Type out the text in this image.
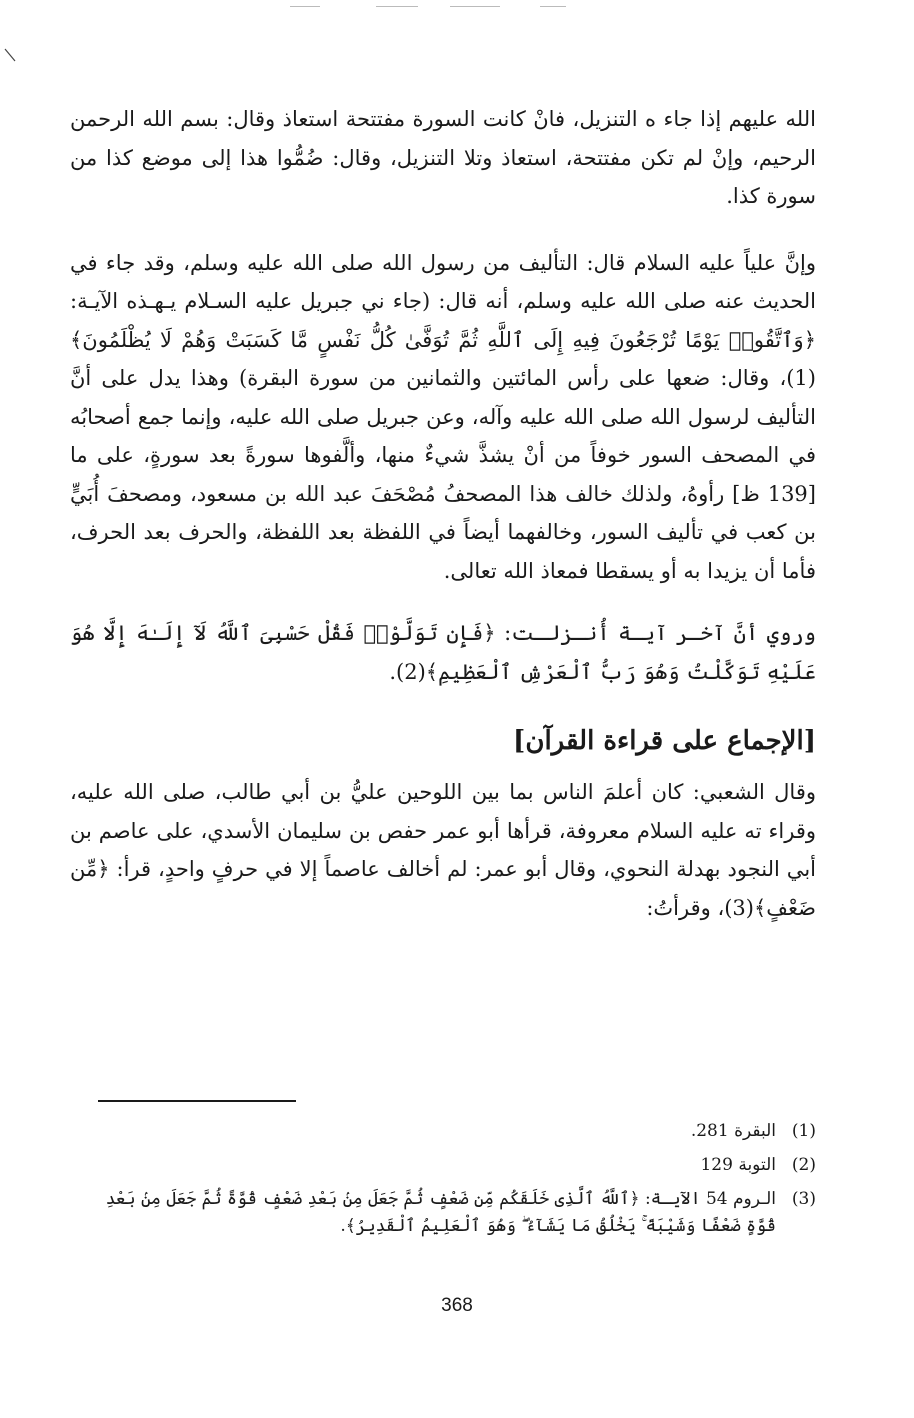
الله عليهم إذا جاء ه التنزيل، فانْ كانت السورة مفتتحة استعاذ وقال: بسم الله الرحمن الرحيم، وإنْ لم تكن مفتتحة، استعاذ وتلا التنزيل، وقال: ضُمُّوا هذا إلى موضع كذا من سورة كذا.

وإنَّ علياً عليه السلام قال: التأليف من رسول الله صلى الله عليه وسلم، وقد جاء في الحديث عنه صلى الله عليه وسلم، أنه قال: (جاء ني جبريل عليه السـلام يـهـذه الآيـة: ﴿وَٱتَّقُوا۟ يَوْمًا تُرْجَعُونَ فِيهِ إِلَى ٱللَّهِ ثُمَّ تُوَفَّىٰ كُلُّ نَفْسٍ مَّا كَسَبَتْ وَهُمْ لَا يُظْلَمُونَ﴾(1)، وقال: ضعها على رأس المائتين والثمانين من سورة البقرة) وهذا يدل على أنَّ التأليف لرسول الله صلى الله عليه وآله، وعن جبريل صلى الله عليه، وإنما جمع أصحابُه في المصحف السور خوفاً من أنْ يشذَّ شيءٌ منها، وألَّفوها سورةً بعد سورةٍ، على ما [139 ظ] رأوهُ، ولذلك خالف هذا المصحفُ مُصْحَفَ عبد الله بن مسعود، ومصحفَ أُبَيٍّ بن كعب في تأليف السور، وخالفهما أيضاً في اللفظة بعد اللفظة، والحرف بعد الحرف، فأما أن يزيدا به أو يسقطا فمعاذ الله تعالى.

وروي أنَّ آخـر آيـة أُنـزلـت: ﴿فَإِن تَوَلَّوْا۟ فَقُلْ حَسْبِىَ ٱللَّهُ لَآ إِلَـٰهَ إِلَّا هُوَ عَلَيْهِ تَوَكَّلْتُ وَهُوَ رَبُّ ٱلْعَرْشِ ٱلْعَظِيمِ﴾(2).

[الإجماع على قراءة القرآن]

وقال الشعبي: كان أعلمَ الناس بما بين اللوحين عليُّ بن أبي طالب، صلى الله عليه، وقراء ته عليه السلام معروفة، قرأها أبو عمر حفص بن سليمان الأسدي، على عاصم بن أبي النجود بهدلة النحوي، وقال أبو عمر: لم أخالف عاصماً إلا في حرفٍ واحدٍ، قرأ: ﴿مِّن ضَعْفٍ﴾(3)، وقرأتُ:

(1)
البقرة 281.
(2)
التوبة 129
(3)
الـروم 54 الآيـة: ﴿ٱللَّهُ ٱلَّذِى خَلَقَكُم مِّن ضَعْفٍ ثُمَّ جَعَلَ مِنۢ بَعْدِ ضَعْفٍ قُوَّةً ثُمَّ جَعَلَ مِنۢ بَعْدِ قُوَّةٍ ضَعْفًا وَشَيْبَةً ۚ يَخْلُقُ مَا يَشَآءُ ۖ وَهُوَ ٱلْعَلِيمُ ٱلْقَدِيرُ﴾.
368
